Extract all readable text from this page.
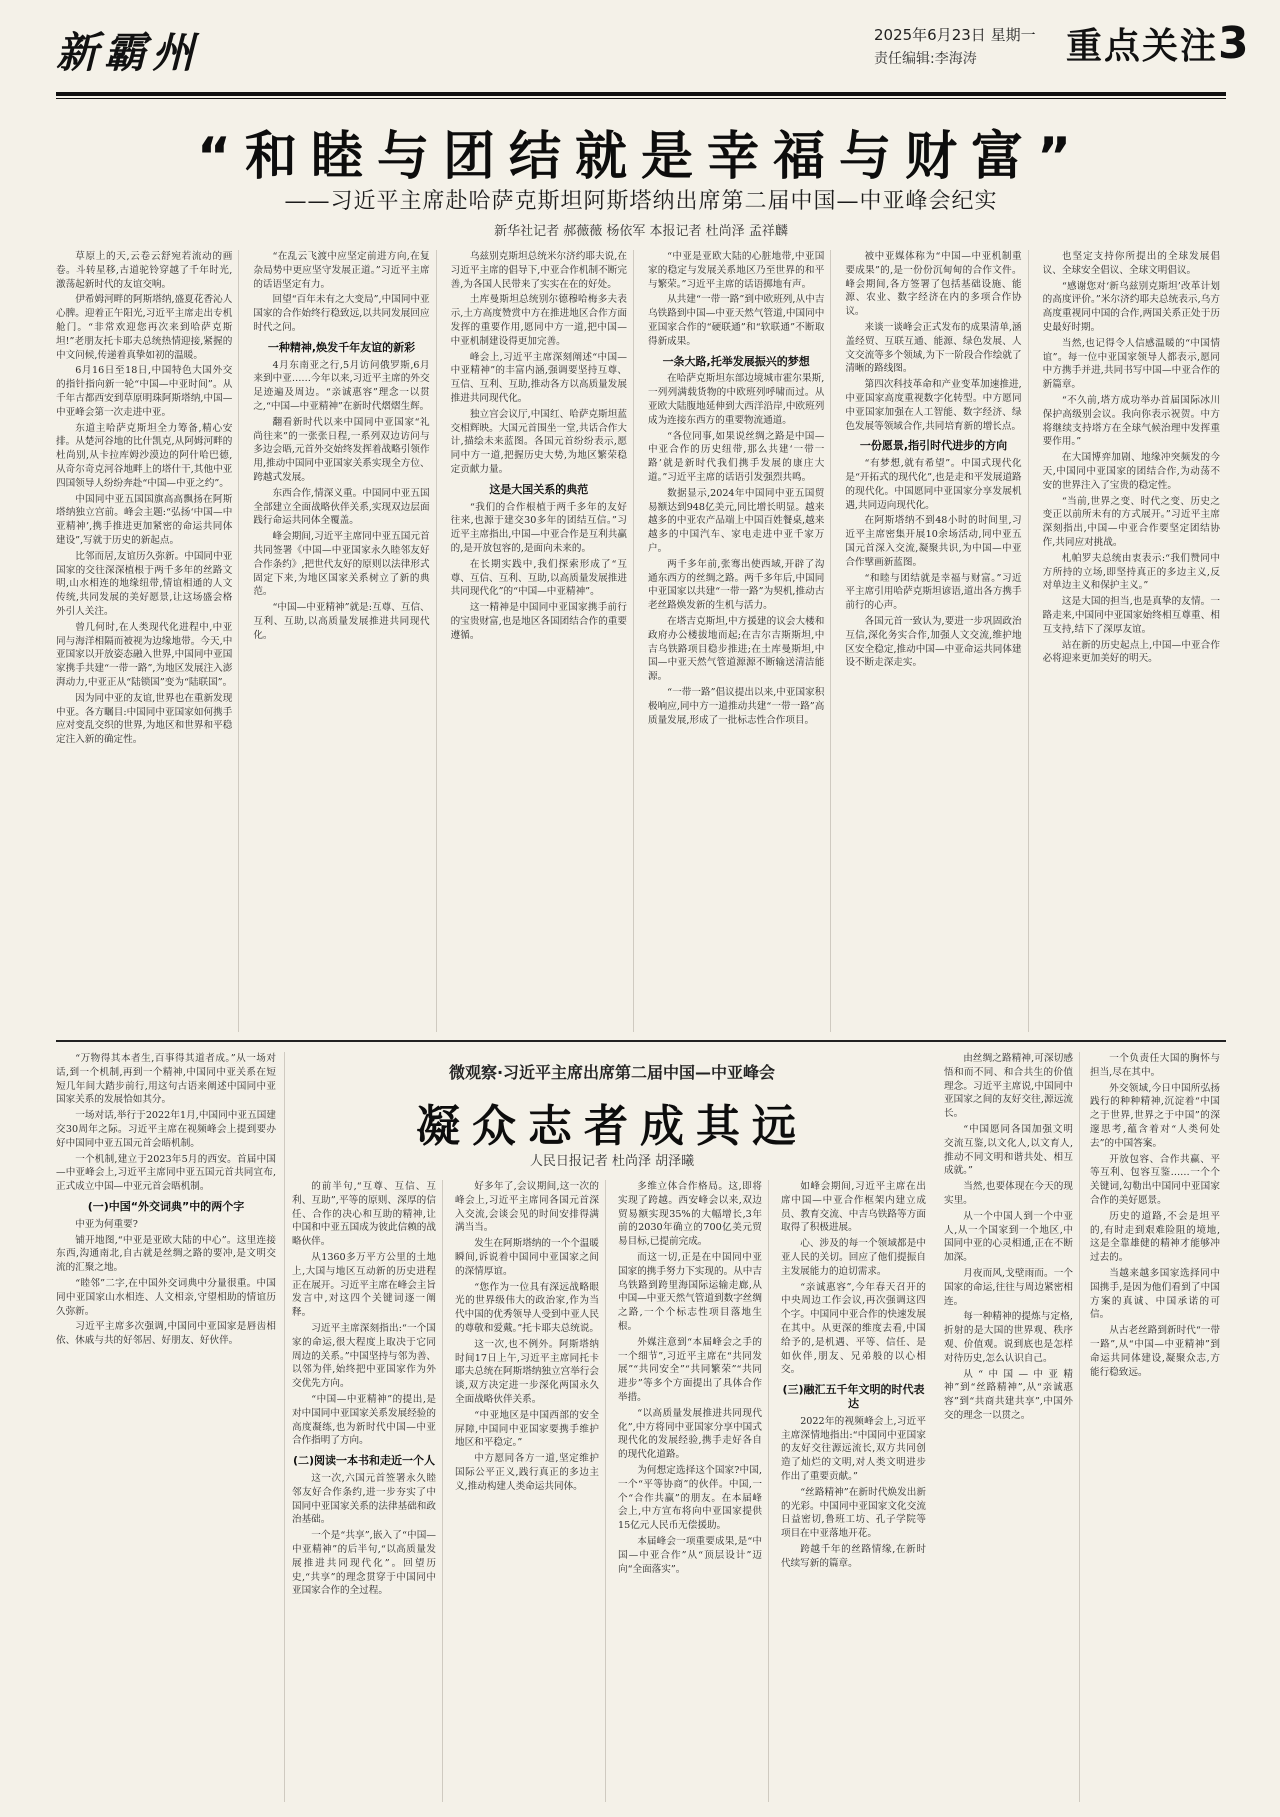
新霸州	2025年6月23日 星期一
责任编辑:李海涛 重点关注3
“和睦与团结就是幸福与财富”
——习近平主席赴哈萨克斯坦阿斯塔纳出席第二届中国—中亚峰会纪实
新华社记者 郝薇薇 杨依军 本报记者 杜尚泽 孟祥麟

草原上的天,云卷云舒宛若流动的画卷。斗转星移,古道驼铃穿越了千年时光,激荡起新时代的友谊交响。

伊希姆河畔的阿斯塔纳,盛夏花香沁人心脾。迎着正午阳光,习近平主席走出专机舱门。“非常欢迎您再次来到哈萨克斯坦!”老朋友托卡耶夫总统热情迎接,紧握的中文问候,传递着真挚如初的温暖。

6月16日至18日,中国特色大国外交的指针指向新一轮“中国—中亚时间”。从千年古都西安到草原明珠阿斯塔纳,中国—中亚峰会第一次走进中亚。

东道主哈萨克斯坦全力筹备,精心安排。从楚河谷地的比什凯克,从阿姆河畔的杜尚别,从卡拉库姆沙漠边的阿什哈巴德,从奇尔奇克河谷地畔上的塔什干,其他中亚四国领导人纷纷奔赴“中国—中亚之约”。

中国同中亚五国国旗高高飘扬在阿斯塔纳独立宫前。峰会主题:“弘扬‘中国—中亚精神’,携手推进更加紧密的命运共同体建设”,写就于历史的新起点。

比邻而居,友谊历久弥新。中国同中亚国家的交往深深植根于两千多年的丝路文明,山水相连的地缘纽带,情谊相通的人文传统,共同发展的美好愿景,让这场盛会格外引人关注。

曾几何时,在人类现代化进程中,中亚同与海洋相隔而被视为边缘地带。今天,中亚国家以开放姿态融入世界,中国同中亚国家携手共建“一带一路”,为地区发展注入澎湃动力,中亚正从“陆锁国”变为“陆联国”。

因为同中亚的友谊,世界也在重新发现中亚。各方瞩目:中国同中亚国家如何携手应对变乱交织的世界,为地区和世界和平稳定注入新的确定性。

“在乱云飞渡中应坚定前进方向,在复杂局势中更应坚守发展正道。”习近平主席的话语坚定有力。

回望“百年未有之大变局”,中国同中亚国家的合作始终行稳致远,以共同发展回应时代之问。

一种精神,焕发千年友谊的新彩

4月东南亚之行,5月访问俄罗斯,6月来到中亚……今年以来,习近平主席的外交足迹遍及周边。“亲诚惠容”理念一以贯之,“中国—中亚精神”在新时代熠熠生辉。

翻看新时代以来中国同中亚国家“礼尚往来”的一张张日程,一系列双边访问与多边会晤,元首外交始终发挥着战略引领作用,推动中国同中亚国家关系实现全方位、跨越式发展。

东西合作,情深义重。中国同中亚五国全部建立全面战略伙伴关系,实现双边层面践行命运共同体全覆盖。

峰会期间,习近平主席同中亚五国元首共同签署《中国—中亚国家永久睦邻友好合作条约》,把世代友好的原则以法律形式固定下来,为地区国家关系树立了新的典范。

“中国—中亚精神”就是:互尊、互信、互利、互助,以高质量发展推进共同现代化。

乌兹别克斯坦总统米尔济约耶夫说,在习近平主席的倡导下,中亚合作机制不断完善,为各国人民带来了实实在在的好处。

土库曼斯坦总统别尔德穆哈梅多夫表示,土方高度赞赏中方在推进地区合作方面发挥的重要作用,愿同中方一道,把中国—中亚机制建设得更加完善。

峰会上,习近平主席深刻阐述“中国—中亚精神”的丰富内涵,强调要坚持互尊、互信、互利、互助,推动各方以高质量发展推进共同现代化。

独立宫会议厅,中国红、哈萨克斯坦蓝交相辉映。大国元首围坐一堂,共话合作大计,描绘未来蓝图。各国元首纷纷表示,愿同中方一道,把握历史大势,为地区繁荣稳定贡献力量。

这是大国关系的典范

“我们的合作根植于两千多年的友好往来,也源于建交30多年的团结互信。”习近平主席指出,中国—中亚合作是互利共赢的,是开放包容的,是面向未来的。

在长期实践中,我们探索形成了“互尊、互信、互利、互助,以高质量发展推进共同现代化”的“中国—中亚精神”。

这一精神是中国同中亚国家携手前行的宝贵财富,也是地区各国团结合作的重要遵循。

“中亚是亚欧大陆的心脏地带,中亚国家的稳定与发展关系地区乃至世界的和平与繁荣。”习近平主席的话语掷地有声。

从共建“一带一路”到中欧班列,从中吉乌铁路到中国—中亚天然气管道,中国同中亚国家合作的“硬联通”和“软联通”不断取得新成果。

一条大路,托举发展振兴的梦想

在哈萨克斯坦东部边境城市霍尔果斯,一列列满载货物的中欧班列呼啸而过。从亚欧大陆腹地延伸到大西洋沿岸,中欧班列成为连接东西方的重要物流通道。

“各位同事,如果说丝绸之路是中国—中亚合作的历史纽带,那么共建‘一带一路’就是新时代我们携手发展的康庄大道。”习近平主席的话语引发强烈共鸣。

数据显示,2024年中国同中亚五国贸易额达到948亿美元,同比增长明显。越来越多的中亚农产品端上中国百姓餐桌,越来越多的中国汽车、家电走进中亚千家万户。

两千多年前,张骞出使西域,开辟了沟通东西方的丝绸之路。两千多年后,中国同中亚国家以共建“一带一路”为契机,推动古老丝路焕发新的生机与活力。

在塔吉克斯坦,中方援建的议会大楼和政府办公楼拔地而起;在吉尔吉斯斯坦,中吉乌铁路项目稳步推进;在土库曼斯坦,中国—中亚天然气管道源源不断输送清洁能源。

“一带一路”倡议提出以来,中亚国家积极响应,同中方一道推动共建“一带一路”高质量发展,形成了一批标志性合作项目。

被中亚媒体称为“中国—中亚机制重要成果”的,是一份份沉甸甸的合作文件。峰会期间,各方签署了包括基础设施、能源、农业、数字经济在内的多项合作协议。

来谈一谈峰会正式发布的成果清单,涵盖经贸、互联互通、能源、绿色发展、人文交流等多个领域,为下一阶段合作绘就了清晰的路线图。

第四次科技革命和产业变革加速推进,中亚国家高度重视数字化转型。中方愿同中亚国家加强在人工智能、数字经济、绿色发展等领域合作,共同培育新的增长点。

一份愿景,指引时代进步的方向

“有梦想,就有希望”。中国式现代化是“开拓式的现代化”,也是走和平发展道路的现代化。中国愿同中亚国家分享发展机遇,共同迈向现代化。

在阿斯塔纳不到48小时的时间里,习近平主席密集开展10余场活动,同中亚五国元首深入交流,凝聚共识,为中国—中亚合作擘画新蓝图。

“和睦与团结就是幸福与财富。”习近平主席引用哈萨克斯坦谚语,道出各方携手前行的心声。

各国元首一致认为,要进一步巩固政治互信,深化务实合作,加强人文交流,维护地区安全稳定,推动中国—中亚命运共同体建设不断走深走实。

也坚定支持你所提出的全球发展倡议、全球安全倡议、全球文明倡议。

“感谢您对‘新乌兹别克斯坦’改革计划的高度评价。”米尔济约耶夫总统表示,乌方高度重视同中国的合作,两国关系正处于历史最好时期。

当然,也记得令人信感温暖的“中国情谊”。每一位中亚国家领导人都表示,愿同中方携手并进,共同书写中国—中亚合作的新篇章。

“不久前,塔方成功举办首届国际冰川保护高级别会议。我向你表示祝贺。中方将继续支持塔方在全球气候治理中发挥重要作用。”

在大国博弈加剧、地缘冲突频发的今天,中国同中亚国家的团结合作,为动荡不安的世界注入了宝贵的稳定性。

“当前,世界之变、时代之变、历史之变正以前所未有的方式展开。”习近平主席深刻指出,中国—中亚合作要坚定团结协作,共同应对挑战。

札帕罗夫总统由衷表示:“我们赞同中方所持的立场,即坚持真正的多边主义,反对单边主义和保护主义。”

这是大国的担当,也是真挚的友情。一路走来,中国同中亚国家始终相互尊重、相互支持,结下了深厚友谊。

站在新的历史起点上,中国—中亚合作必将迎来更加美好的明天。

“万物得其本者生,百事得其道者成。”从一场对话,到一个机制,再到一个精神,中国同中亚关系在短短几年间大踏步前行,用这句古语来阐述中国同中亚国家关系的发展恰如其分。

一场对话,举行于2022年1月,中国同中亚五国建交30周年之际。习近平主席在视频峰会上提到要办好中国同中亚五国元首会晤机制。

一个机制,建立于2023年5月的西安。首届中国—中亚峰会上,习近平主席同中亚五国元首共同宣布,正式成立中国—中亚元首会晤机制。

(一)中国“外交词典”中的两个字

中亚为何重要?

铺开地图,“中亚是亚欧大陆的中心”。这里连接东西,沟通南北,自古就是丝绸之路的要冲,是文明交流的汇聚之地。

“睦邻”二字,在中国外交词典中分量很重。中国同中亚国家山水相连、人文相亲,守望相助的情谊历久弥新。

习近平主席多次强调,中国同中亚国家是唇齿相依、休戚与共的好邻居、好朋友、好伙伴。

微观察·习近平主席出席第二届中国—中亚峰会
凝众志者成其远
人民日报记者 杜尚泽 胡泽曦

的前半句,“互尊、互信、互利、互助”,平等的原则、深厚的信任、合作的决心和互助的精神,让中国和中亚五国成为彼此信赖的战略伙伴。

从1360多万平方公里的土地上,大国与地区互动新的历史进程正在展开。习近平主席在峰会主旨发言中,对这四个关键词逐一阐释。

习近平主席深刻指出:“一个国家的命运,很大程度上取决于它同周边的关系。”中国坚持与邻为善、以邻为伴,始终把中亚国家作为外交优先方向。

“中国—中亚精神”的提出,是对中国同中亚国家关系发展经验的高度凝练,也为新时代中国—中亚合作指明了方向。

(二)阅读一本书和走近一个人

这一次,六国元首签署永久睦邻友好合作条约,进一步夯实了中国同中亚国家关系的法律基础和政治基础。

一个是“共享”,嵌入了“中国—中亚精神”的后半句,“以高质量发展推进共同现代化”。回望历史,“共享”的理念贯穿于中国同中亚国家合作的全过程。

好多年了,会议期间,这一次的峰会上,习近平主席同各国元首深入交流,会谈会见的时间安排得满满当当。

发生在阿斯塔纳的一个个温暖瞬间,诉说着中国同中亚国家之间的深情厚谊。

“您作为一位具有深远战略眼光的世界级伟大的政治家,作为当代中国的优秀领导人受到中亚人民的尊敬和爱戴。”托卡耶夫总统说。

这一次,也不例外。阿斯塔纳时间17日上午,习近平主席同托卡耶夫总统在阿斯塔纳独立宫举行会谈,双方决定进一步深化两国永久全面战略伙伴关系。

“中亚地区是中国西部的安全屏障,中国同中亚国家要携手维护地区和平稳定。”

中方愿同各方一道,坚定维护国际公平正义,践行真正的多边主义,推动构建人类命运共同体。

多维立体合作格局。这,即将实现了跨越。西安峰会以来,双边贸易额实现35%的大幅增长,3年前的2030年确立的700亿美元贸易目标,已提前完成。

而这一切,正是在中国同中亚国家的携手努力下实现的。从中吉乌铁路到跨里海国际运输走廊,从中国—中亚天然气管道到数字丝绸之路,一个个标志性项目落地生根。

外媒注意到“本届峰会之手的一个细节”,习近平主席在“共同发展”“共同安全”“共同繁荣”“共同进步”等多个方面提出了具体合作举措。

“以高质量发展推进共同现代化”,中方将同中亚国家分享中国式现代化的发展经验,携手走好各自的现代化道路。

为何想定选择这个国家?中国,一个“平等协商”的伙伴。中国,一个“合作共赢”的朋友。在本届峰会上,中方宣布将向中亚国家提供15亿元人民币无偿援助。

本届峰会一项重要成果,是“中国—中亚合作”从“顶层设计”迈向“全面落实”。

如峰会期间,习近平主席在出席中国—中亚合作框架内建立成员、教育交流、中吉乌铁路等方面取得了积极进展。

心、涉及的每一个领域都是中亚人民的关切。回应了他们提振自主发展能力的迫切需求。

“亲诚惠容”,今年春天召开的中央周边工作会议,再次强调这四个字。中国同中亚合作的快速发展在其中。从更深的维度去看,中国给予的,是机遇、平等、信任、是如伙伴,朋友、兄弟般的以心相交。

(三)融汇五千年文明的时代表达

2022年的视频峰会上,习近平主席深情地指出:“中国同中亚国家的友好交往源远流长,双方共同创造了灿烂的文明,对人类文明进步作出了重要贡献。”

“丝路精神”在新时代焕发出新的光彩。中国同中亚国家文化交流日益密切,鲁班工坊、孔子学院等项目在中亚落地开花。

跨越千年的丝路情缘,在新时代续写新的篇章。

由丝绸之路精神,可深切感悟和而不同、和合共生的价值理念。习近平主席说,中国同中亚国家之间的友好交往,源远流长。

“中国愿同各国加强文明交流互鉴,以文化人,以文育人,推动不同文明和谐共处、相互成就。”

当然,也要体现在今天的现实里。

从一个中国人到一个中亚人,从一个国家到一个地区,中国同中亚的心灵相通,正在不断加深。

月夜而风,戈壁雨而。一个国家的命运,往往与周边紧密相连。

每一种精神的提炼与定格,折射的是大国的世界观、秩序观、价值观。说到底也是怎样对待历史,怎么认识自己。

从“中国—中亚精神”到“丝路精神”,从“亲诚惠容”到“共商共建共享”,中国外交的理念一以贯之。

一个负责任大国的胸怀与担当,尽在其中。

外交领域,今日中国所弘扬践行的种种精神,沉淀着“中国之于世界,世界之于中国”的深邃思考,蕴含着对“人类何处去”的中国答案。

开放包容、合作共赢、平等互利、包容互鉴……一个个关键词,勾勒出中国同中亚国家合作的美好愿景。

历史的道路,不会是坦平的,有时走到艰难险阻的境地,这是全靠雄健的精神才能够冲过去的。

当越来越多国家选择同中国携手,是因为他们看到了中国方案的真诚、中国承诺的可信。

从古老丝路到新时代“一带一路”,从“中国—中亚精神”到命运共同体建设,凝聚众志,方能行稳致远。
